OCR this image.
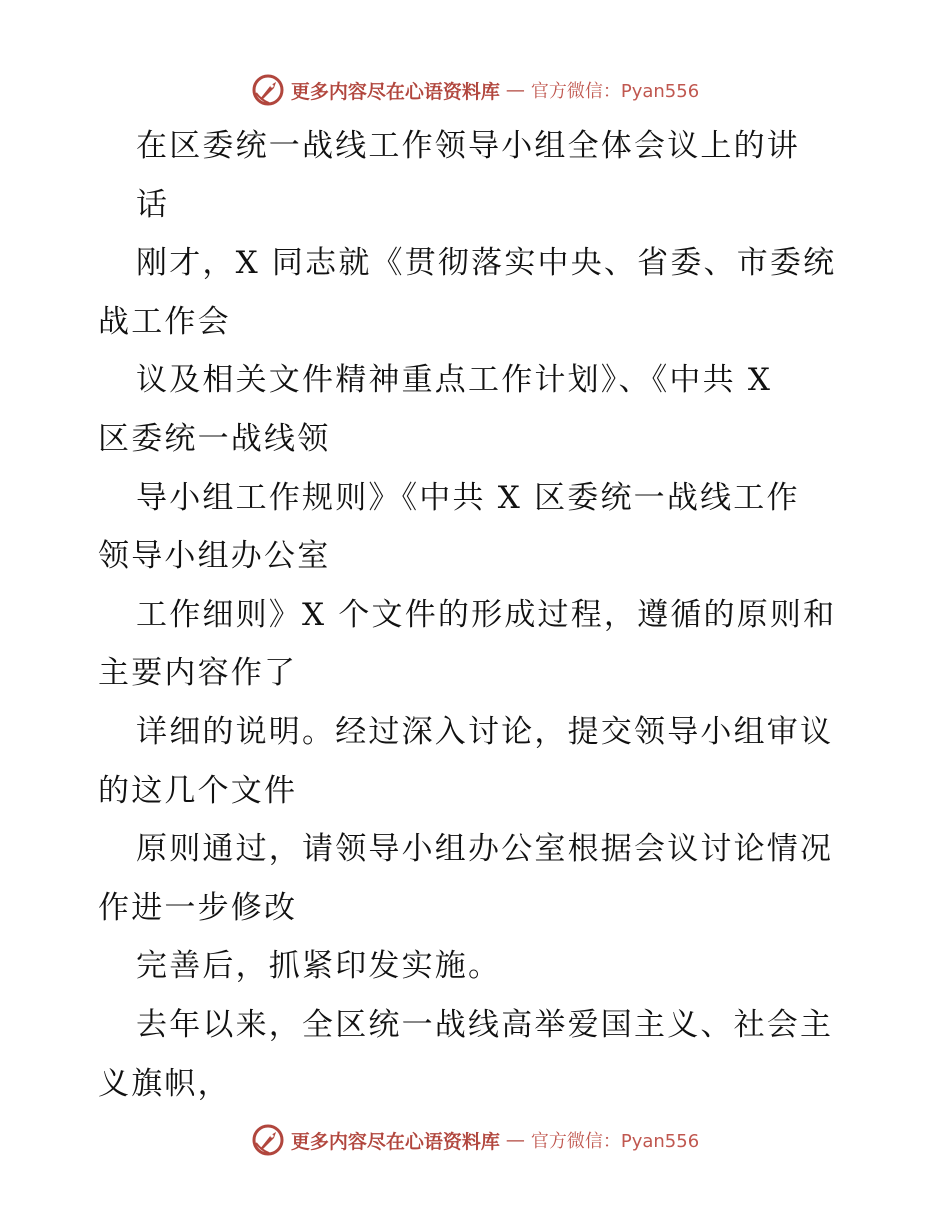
更多内容尽在心语资料库 — 官方微信：Pyan556
在区委统一战线工作领导小组全体会议上的讲
话
刚才，X 同志就《贯彻落实中央、省委、市委统
战工作会
议及相关文件精神重点工作计划》、《中共 X
区委统一战线领
导小组工作规则》《中共 X 区委统一战线工作
领导小组办公室
工作细则》X 个文件的形成过程，遵循的原则和
主要内容作了
详细的说明。经过深入讨论，提交领导小组审议
的这几个文件
原则通过，请领导小组办公室根据会议讨论情况
作进一步修改
完善后，抓紧印发实施。
去年以来，全区统一战线高举爱国主义、社会主
义旗帜，
更多内容尽在心语资料库 — 官方微信：Pyan556
